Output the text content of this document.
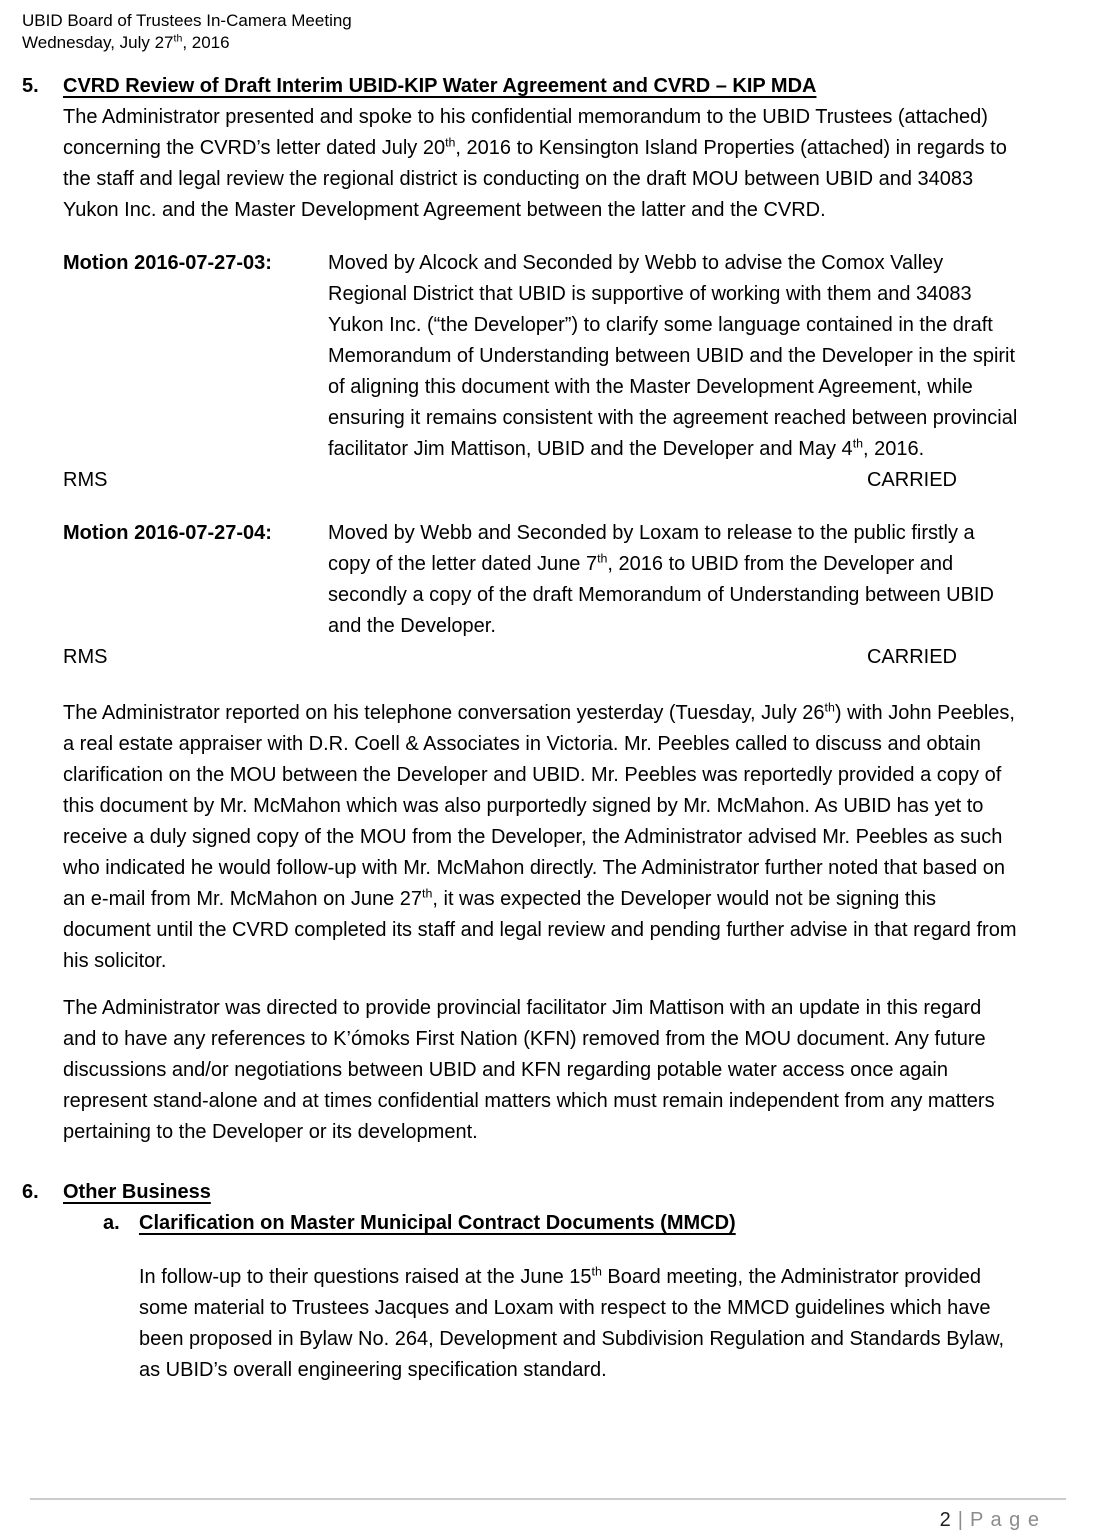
UBID Board of Trustees In-Camera Meeting
Wednesday, July 27th, 2016
5.	CVRD Review of Draft Interim UBID-KIP Water Agreement and CVRD – KIP MDA

The Administrator presented and spoke to his confidential memorandum to the UBID Trustees (attached) concerning the CVRD’s letter dated July 20th, 2016 to Kensington Island Properties (attached) in regards to the staff and legal review the regional district is conducting on the draft MOU between UBID and 34083 Yukon Inc. and the Master Development Agreement between the latter and the CVRD.

Motion 2016-07-27-03:	Moved by Alcock and Seconded by Webb to advise the Comox Valley Regional District that UBID is supportive of working with them and 34083 Yukon Inc. (“the Developer”) to clarify some language contained in the draft Memorandum of Understanding between UBID and the Developer in the spirit of aligning this document with the Master Development Agreement, while ensuring it remains consistent with the agreement reached between provincial facilitator Jim Mattison, UBID and the Developer and May 4th, 2016.
RMS	CARRIED
Motion 2016-07-27-04:	Moved by Webb and Seconded by Loxam to release to the public firstly a copy of the letter dated June 7th, 2016 to UBID from the Developer and secondly a copy of the draft Memorandum of Understanding between UBID and the Developer.
RMS	CARRIED

The Administrator reported on his telephone conversation yesterday (Tuesday, July 26th) with John Peebles, a real estate appraiser with D.R. Coell & Associates in Victoria. Mr. Peebles called to discuss and obtain clarification on the MOU between the Developer and UBID. Mr. Peebles was reportedly provided a copy of this document by Mr. McMahon which was also purportedly signed by Mr. McMahon. As UBID has yet to receive a duly signed copy of the MOU from the Developer, the Administrator advised Mr. Peebles as such who indicated he would follow-up with Mr. McMahon directly. The Administrator further noted that based on an e-mail from Mr. McMahon on June 27th, it was expected the Developer would not be signing this document until the CVRD completed its staff and legal review and pending further advise in that regard from his solicitor.

The Administrator was directed to provide provincial facilitator Jim Mattison with an update in this regard and to have any references to K’ómoks First Nation (KFN) removed from the MOU document. Any future discussions and/or negotiations between UBID and KFN regarding potable water access once again represent stand-alone and at times confidential matters which must remain independent from any matters pertaining to the Developer or its development.

6.	Other Business
a. Clarification on Master Municipal Contract Documents (MMCD)

In follow-up to their questions raised at the June 15th Board meeting, the Administrator provided some material to Trustees Jacques and Loxam with respect to the MMCD guidelines which have been proposed in Bylaw No. 264, Development and Subdivision Regulation and Standards Bylaw, as UBID’s overall engineering specification standard.

2 | P a g e
